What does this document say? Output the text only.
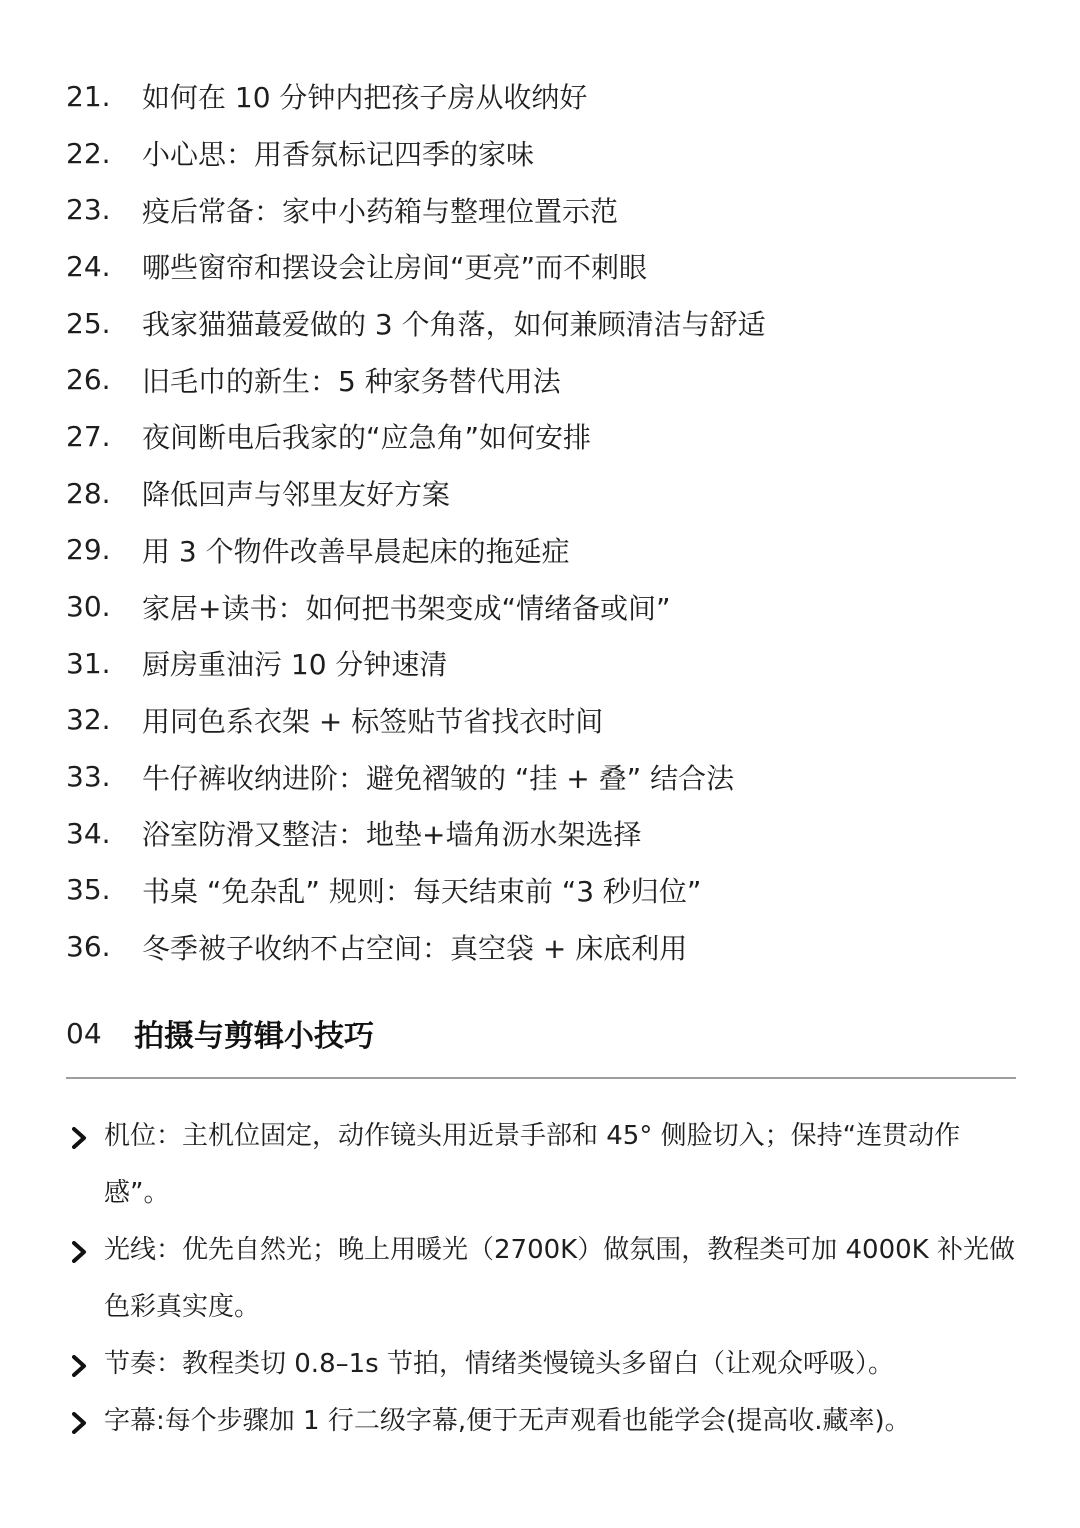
21.	如何在 10 分钟内把孩子房从收纳好
22.	小心思：用香氛标记四季的家味
23.	疫后常备：家中小药箱与整理位置示范
24.	哪些窗帘和摆设会让房间“更亮”而不刺眼
25.	我家猫猫蕞爱做的 3 个角落，如何兼顾清洁与舒适
26.	旧毛巾的新生：5 种家务替代用法
27.	夜间断电后我家的“应急角”如何安排
28.	降低回声与邻里友好方案
29.	用 3 个物件改善早晨起床的拖延症
30.	家居+读书：如何把书架变成“情绪备或间”
31.	厨房重油污 10 分钟速清
32.	用同色系衣架 + 标签贴节省找衣时间
33.	牛仔裤收纳进阶：避免褶皱的 “挂 + 叠” 结合法
34.	浴室防滑又整洁：地垫+墙角沥水架选择
35.	书桌 “免杂乱” 规则：每天结束前 “3 秒归位”
36.	冬季被子收纳不占空间：真空袋 + 床底利用
04	拍摄与剪辑小技巧
机位：主机位固定，动作镜头用近景手部和 45° 侧脸切入；保持“连贯动作感”。
光线：优先自然光；晚上用暖光（2700K）做氛围，教程类可加 4000K 补光做色彩真实度。
节奏：教程类切 0.8–1s 节拍，情绪类慢镜头多留白（让观众呼吸）。
字幕:每个步骤加 1 行二级字幕,便于无声观看也能学会(提高收.藏率)。
